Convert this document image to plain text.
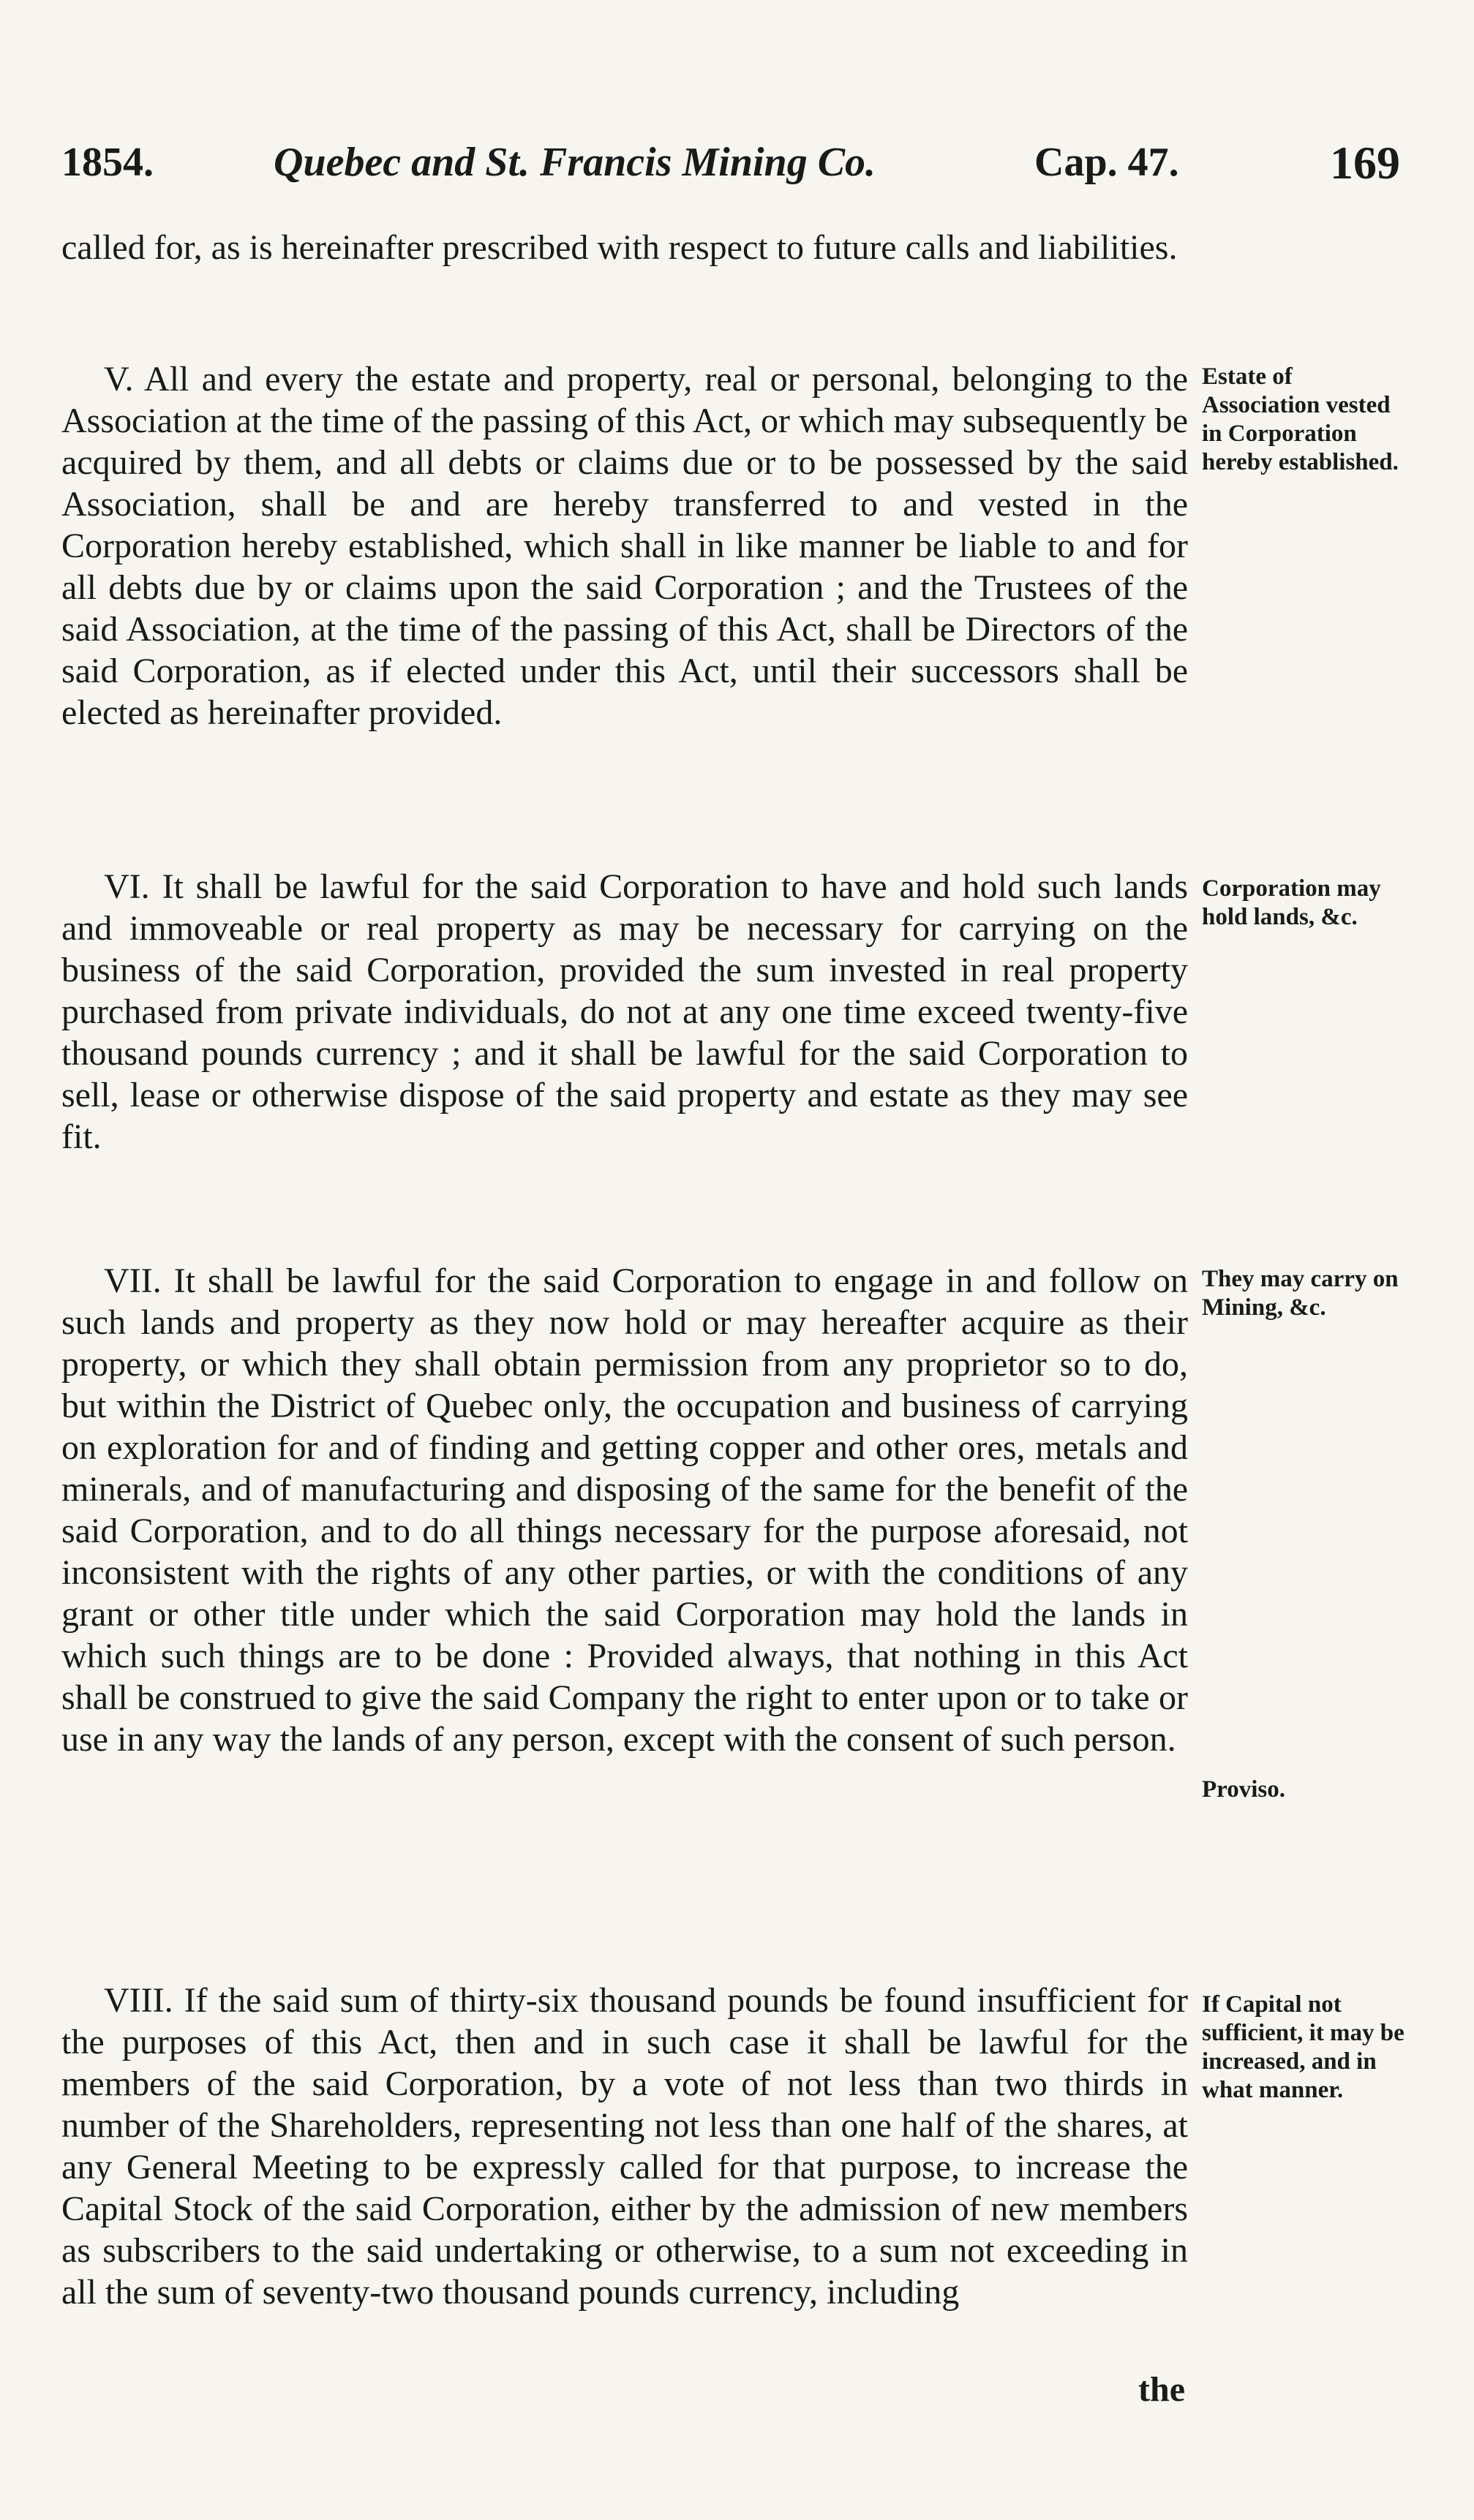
1854.	Quebec and St. Francis Mining Co.	Cap. 47.	169

called for, as is hereinafter prescribed with respect to future calls and liabilities.

V. All and every the estate and property, real or personal, belonging to the Association at the time of the passing of this Act, or which may subsequently be acquired by them, and all debts or claims due or to be possessed by the said Association, shall be and are hereby transferred to and vested in the Corporation hereby established, which shall in like manner be liable to and for all debts due by or claims upon the said Corporation ; and the Trustees of the said Association, at the time of the passing of this Act, shall be Directors of the said Corporation, as if elected under this Act, until their successors shall be elected as hereinafter provided.

Estate of Association vested in Corporation hereby established.

VI. It shall be lawful for the said Corporation to have and hold such lands and immoveable or real property as may be necessary for carrying on the business of the said Corporation, provided the sum invested in real property purchased from private individuals, do not at any one time exceed twenty-five thousand pounds currency ; and it shall be lawful for the said Corporation to sell, lease or otherwise dispose of the said property and estate as they may see fit.

Corporation may hold lands, &c.

VII. It shall be lawful for the said Corporation to engage in and follow on such lands and property as they now hold or may hereafter acquire as their property, or which they shall obtain permission from any proprietor so to do, but within the District of Quebec only, the occupation and business of carrying on exploration for and of finding and getting copper and other ores, metals and minerals, and of manufacturing and disposing of the same for the benefit of the said Corporation, and to do all things necessary for the purpose aforesaid, not inconsistent with the rights of any other parties, or with the conditions of any grant or other title under which the said Corporation may hold the lands in which such things are to be done : Provided always, that nothing in this Act shall be construed to give the said Company the right to enter upon or to take or use in any way the lands of any person, except with the consent of such person.

They may carry on Mining, &c.
Proviso.

VIII. If the said sum of thirty-six thousand pounds be found insufficient for the purposes of this Act, then and in such case it shall be lawful for the members of the said Corporation, by a vote of not less than two thirds in number of the Shareholders, representing not less than one half of the shares, at any General Meeting to be expressly called for that purpose, to increase the Capital Stock of the said Corporation, either by the admission of new members as subscribers to the said undertaking or otherwise, to a sum not exceeding in all the sum of seventy-two thousand pounds currency, including

If Capital not sufficient, it may be increased, and in what manner.
the
